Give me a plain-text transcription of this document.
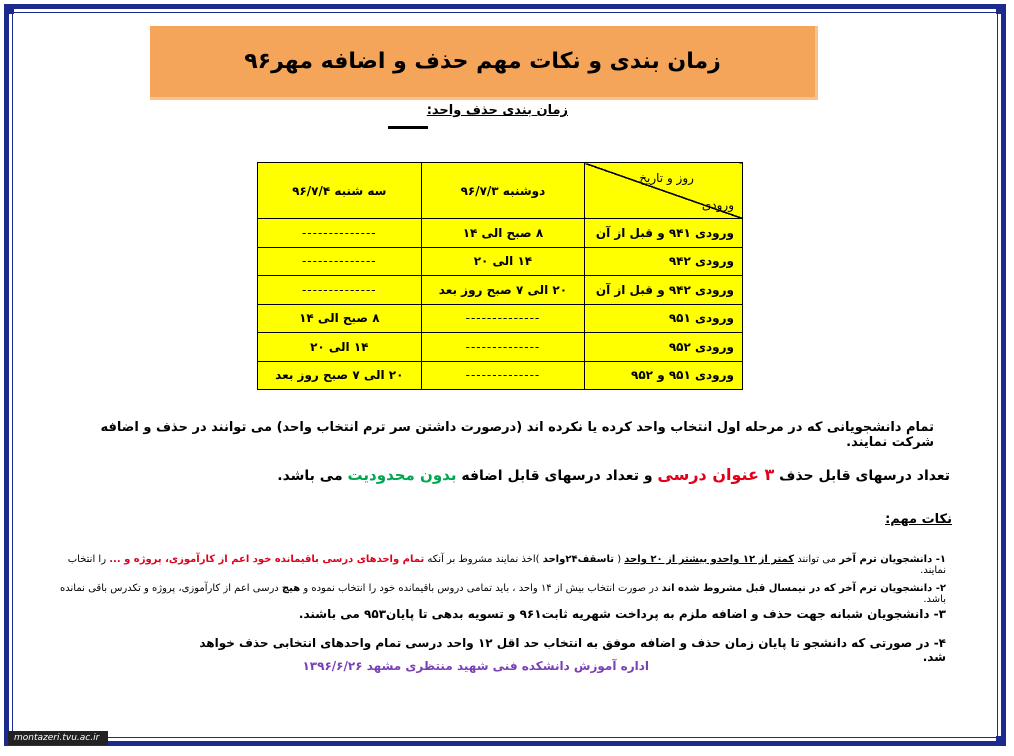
زمان بندی و نکات مهم حذف و اضافه مهر۹۶
زمان بندی حذف واحد:
روز و تاریخ
ورودی	دوشنبه ۹۶/۷/۳	سه شنبه ۹۶/۷/۴
ورودی ۹۴۱ و قبل از آن	۸ صبح الی ۱۴	--------------
ورودی ۹۴۲	۱۴ الی ۲۰	--------------
ورودی ۹۴۲ و قبل از آن	۲۰ الی ۷ صبح روز بعد	--------------
ورودی ۹۵۱	--------------	۸ صبح الی ۱۴
ورودی ۹۵۲	--------------	۱۴ الی ۲۰
ورودی ۹۵۱ و ۹۵۲	--------------	۲۰ الی ۷ صبح روز بعد
تمام دانشجویانی که در مرحله اول انتخاب واحد کرده یا نکرده اند (درصورت داشتن سر ترم انتخاب واحد) می توانند در حذف و اضافه شرکت نمایند.
تعداد درسهای قابل حذف ۳ عنوان درسی و تعداد درسهای قابل اضافه بدون محدودیت می باشد.
نکات مهم:
۱- دانشجویان ترم آخر می توانند کمتر از ۱۲ واحدو بیشتر از ۲۰ واحد ( تاسقف۲۴واحد )اخذ نمایند مشروط بر آنکه تمام واحدهای درسی باقیمانده خود اعم از کارآموزی، پروژه و ... را انتخاب نمایند.
۲- دانشجویان ترم آخر که در نیمسال قبل مشروط شده اند در صورت انتخاب بیش از ۱۴ واحد ، باید تمامی دروس باقیمانده خود را انتخاب نموده و هیچ درسی اعم از کارآموزی، پروژه و تکدرس باقی نمانده باشد.
۳- دانشجویان شبانه جهت حذف و اضافه ملزم به پرداخت شهریه ثابت۹۶۱ و تسویه بدهی تا پایان۹۵۳ می باشند.
۴- در صورتی که دانشجو تا پایان زمان حذف و اضافه موفق به انتخاب حد اقل ۱۲ واحد درسی تمام واحدهای انتخابی حذف خواهد شد.
اداره آموزش دانشکده فنی شهید منتظری مشهد ۱۳۹۶/۶/۲۶
montazeri.tvu.ac.ir
